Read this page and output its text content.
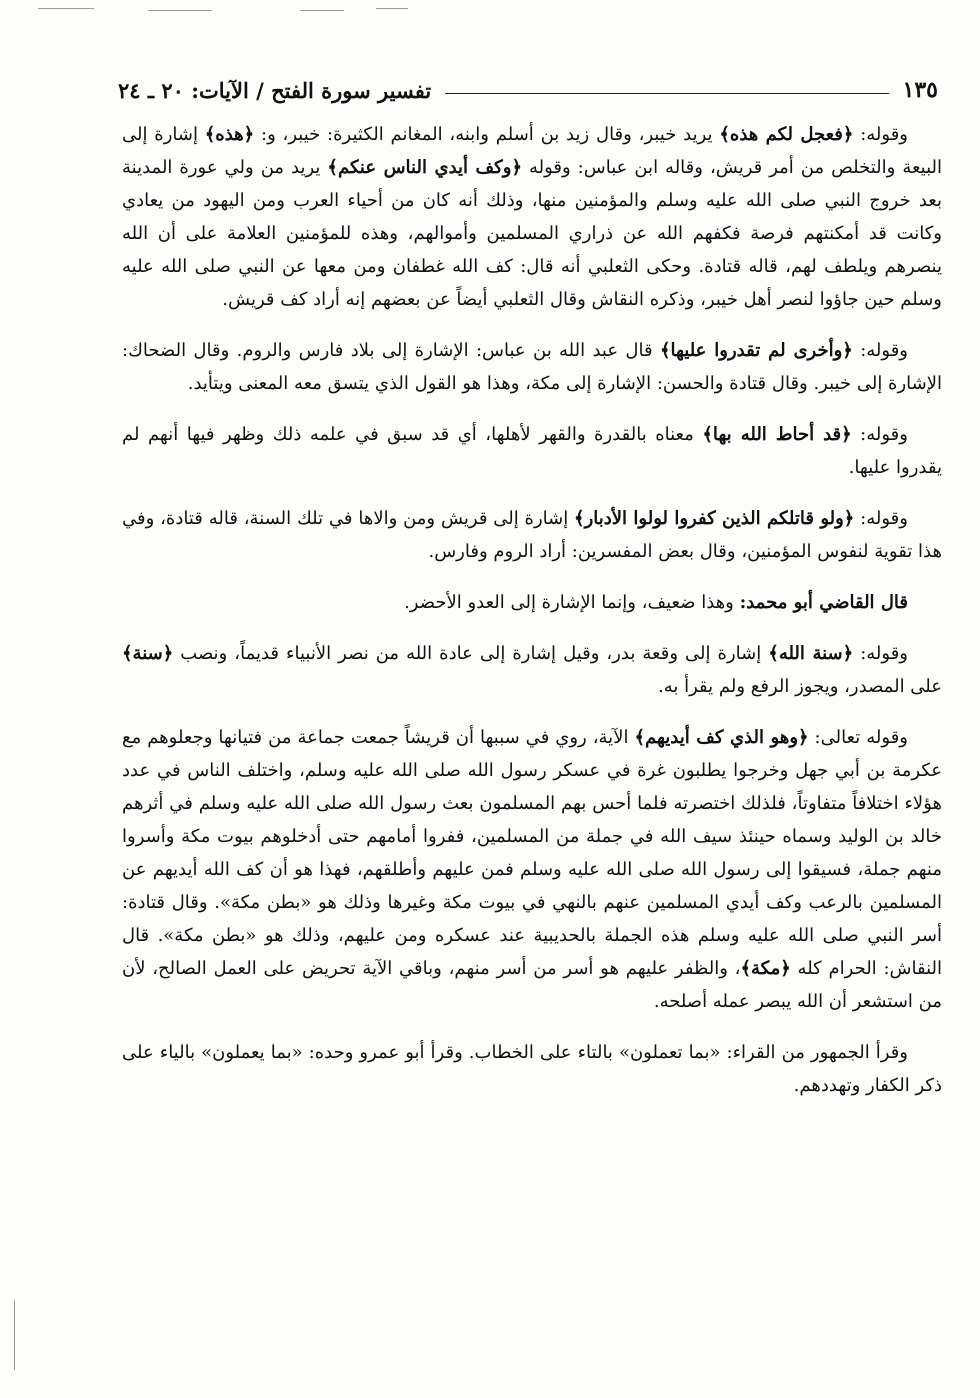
تفسير سورة الفتح / الآيات: ٢٠ ـ ٢٤	١٣٥

وقوله: ﴿فعجل لكم هذه﴾ يريد خيبر، وقال زيد بن أسلم وابنه، المغانم الكثيرة: خيبر، و: ﴿هذه﴾ إشارة إلى البيعة والتخلص من أمر قريش، وقاله ابن عباس: وقوله ﴿وكف أيدي الناس عنكم﴾ يريد من ولي عورة المدينة بعد خروج النبي صلى الله عليه وسلم والمؤمنين منها، وذلك أنه كان من أحياء العرب ومن اليهود من يعادي وكانت قد أمكنتهم فرصة فكفهم الله عن ذراري المسلمين وأموالهم، وهذه للمؤمنين العلامة على أن الله ينصرهم ويلطف لهم، قاله قتادة. وحكى الثعلبي أنه قال: كف الله غطفان ومن معها عن النبي صلى الله عليه وسلم حين جاؤوا لنصر أهل خيبر، وذكره النقاش وقال الثعلبي أيضاً عن بعضهم إنه أراد كف قريش.

وقوله: ﴿وأخرى لم تقدروا عليها﴾ قال عبد الله بن عباس: الإشارة إلى بلاد فارس والروم. وقال الضحاك: الإشارة إلى خيبر. وقال قتادة والحسن: الإشارة إلى مكة، وهذا هو القول الذي يتسق معه المعنى ويتأيد.

وقوله: ﴿قد أحاط الله بها﴾ معناه بالقدرة والقهر لأهلها، أي قد سبق في علمه ذلك وظهر فيها أنهم لم يقدروا عليها.

وقوله: ﴿ولو قاتلكم الذين كفروا لولوا الأدبار﴾ إشارة إلى قريش ومن والاها في تلك السنة، قاله قتادة، وفي هذا تقوية لنفوس المؤمنين، وقال بعض المفسرين: أراد الروم وفارس.

قال القاضي أبو محمد: وهذا ضعيف، وإنما الإشارة إلى العدو الأحضر.

وقوله: ﴿سنة الله﴾ إشارة إلى وقعة بدر، وقيل إشارة إلى عادة الله من نصر الأنبياء قديماً، ونصب ﴿سنة﴾ على المصدر، ويجوز الرفع ولم يقرأ به.

وقوله تعالى: ﴿وهو الذي كف أيديهم﴾ الآية، روي في سببها أن قريشاً جمعت جماعة من فتيانها وجعلوهم مع عكرمة بن أبي جهل وخرجوا يطلبون غرة في عسكر رسول الله صلى الله عليه وسلم، واختلف الناس في عدد هؤلاء اختلافاً متفاوتاً، فلذلك اختصرته فلما أحس بهم المسلمون بعث رسول الله صلى الله عليه وسلم في أثرهم خالد بن الوليد وسماه حينئذ سيف الله في جملة من المسلمين، ففروا أمامهم حتى أدخلوهم بيوت مكة وأسروا منهم جملة، فسيقوا إلى رسول الله صلى الله عليه وسلم فمن عليهم وأطلقهم، فهذا هو أن كف الله أيديهم عن المسلمين بالرعب وكف أيدي المسلمين عنهم بالنهي في بيوت مكة وغيرها وذلك هو «بطن مكة». وقال قتادة: أسر النبي صلى الله عليه وسلم هذه الجملة بالحديبية عند عسكره ومن عليهم، وذلك هو «بطن مكة». قال النقاش: الحرام كله ﴿مكة﴾، والظفر عليهم هو أسر من أسر منهم، وباقي الآية تحريض على العمل الصالح، لأن من استشعر أن الله يبصر عمله أصلحه.

وقرأ الجمهور من القراء: «بما تعملون» بالتاء على الخطاب. وقرأ أبو عمرو وحده: «بما يعملون» بالياء على ذكر الكفار وتهددهم.
